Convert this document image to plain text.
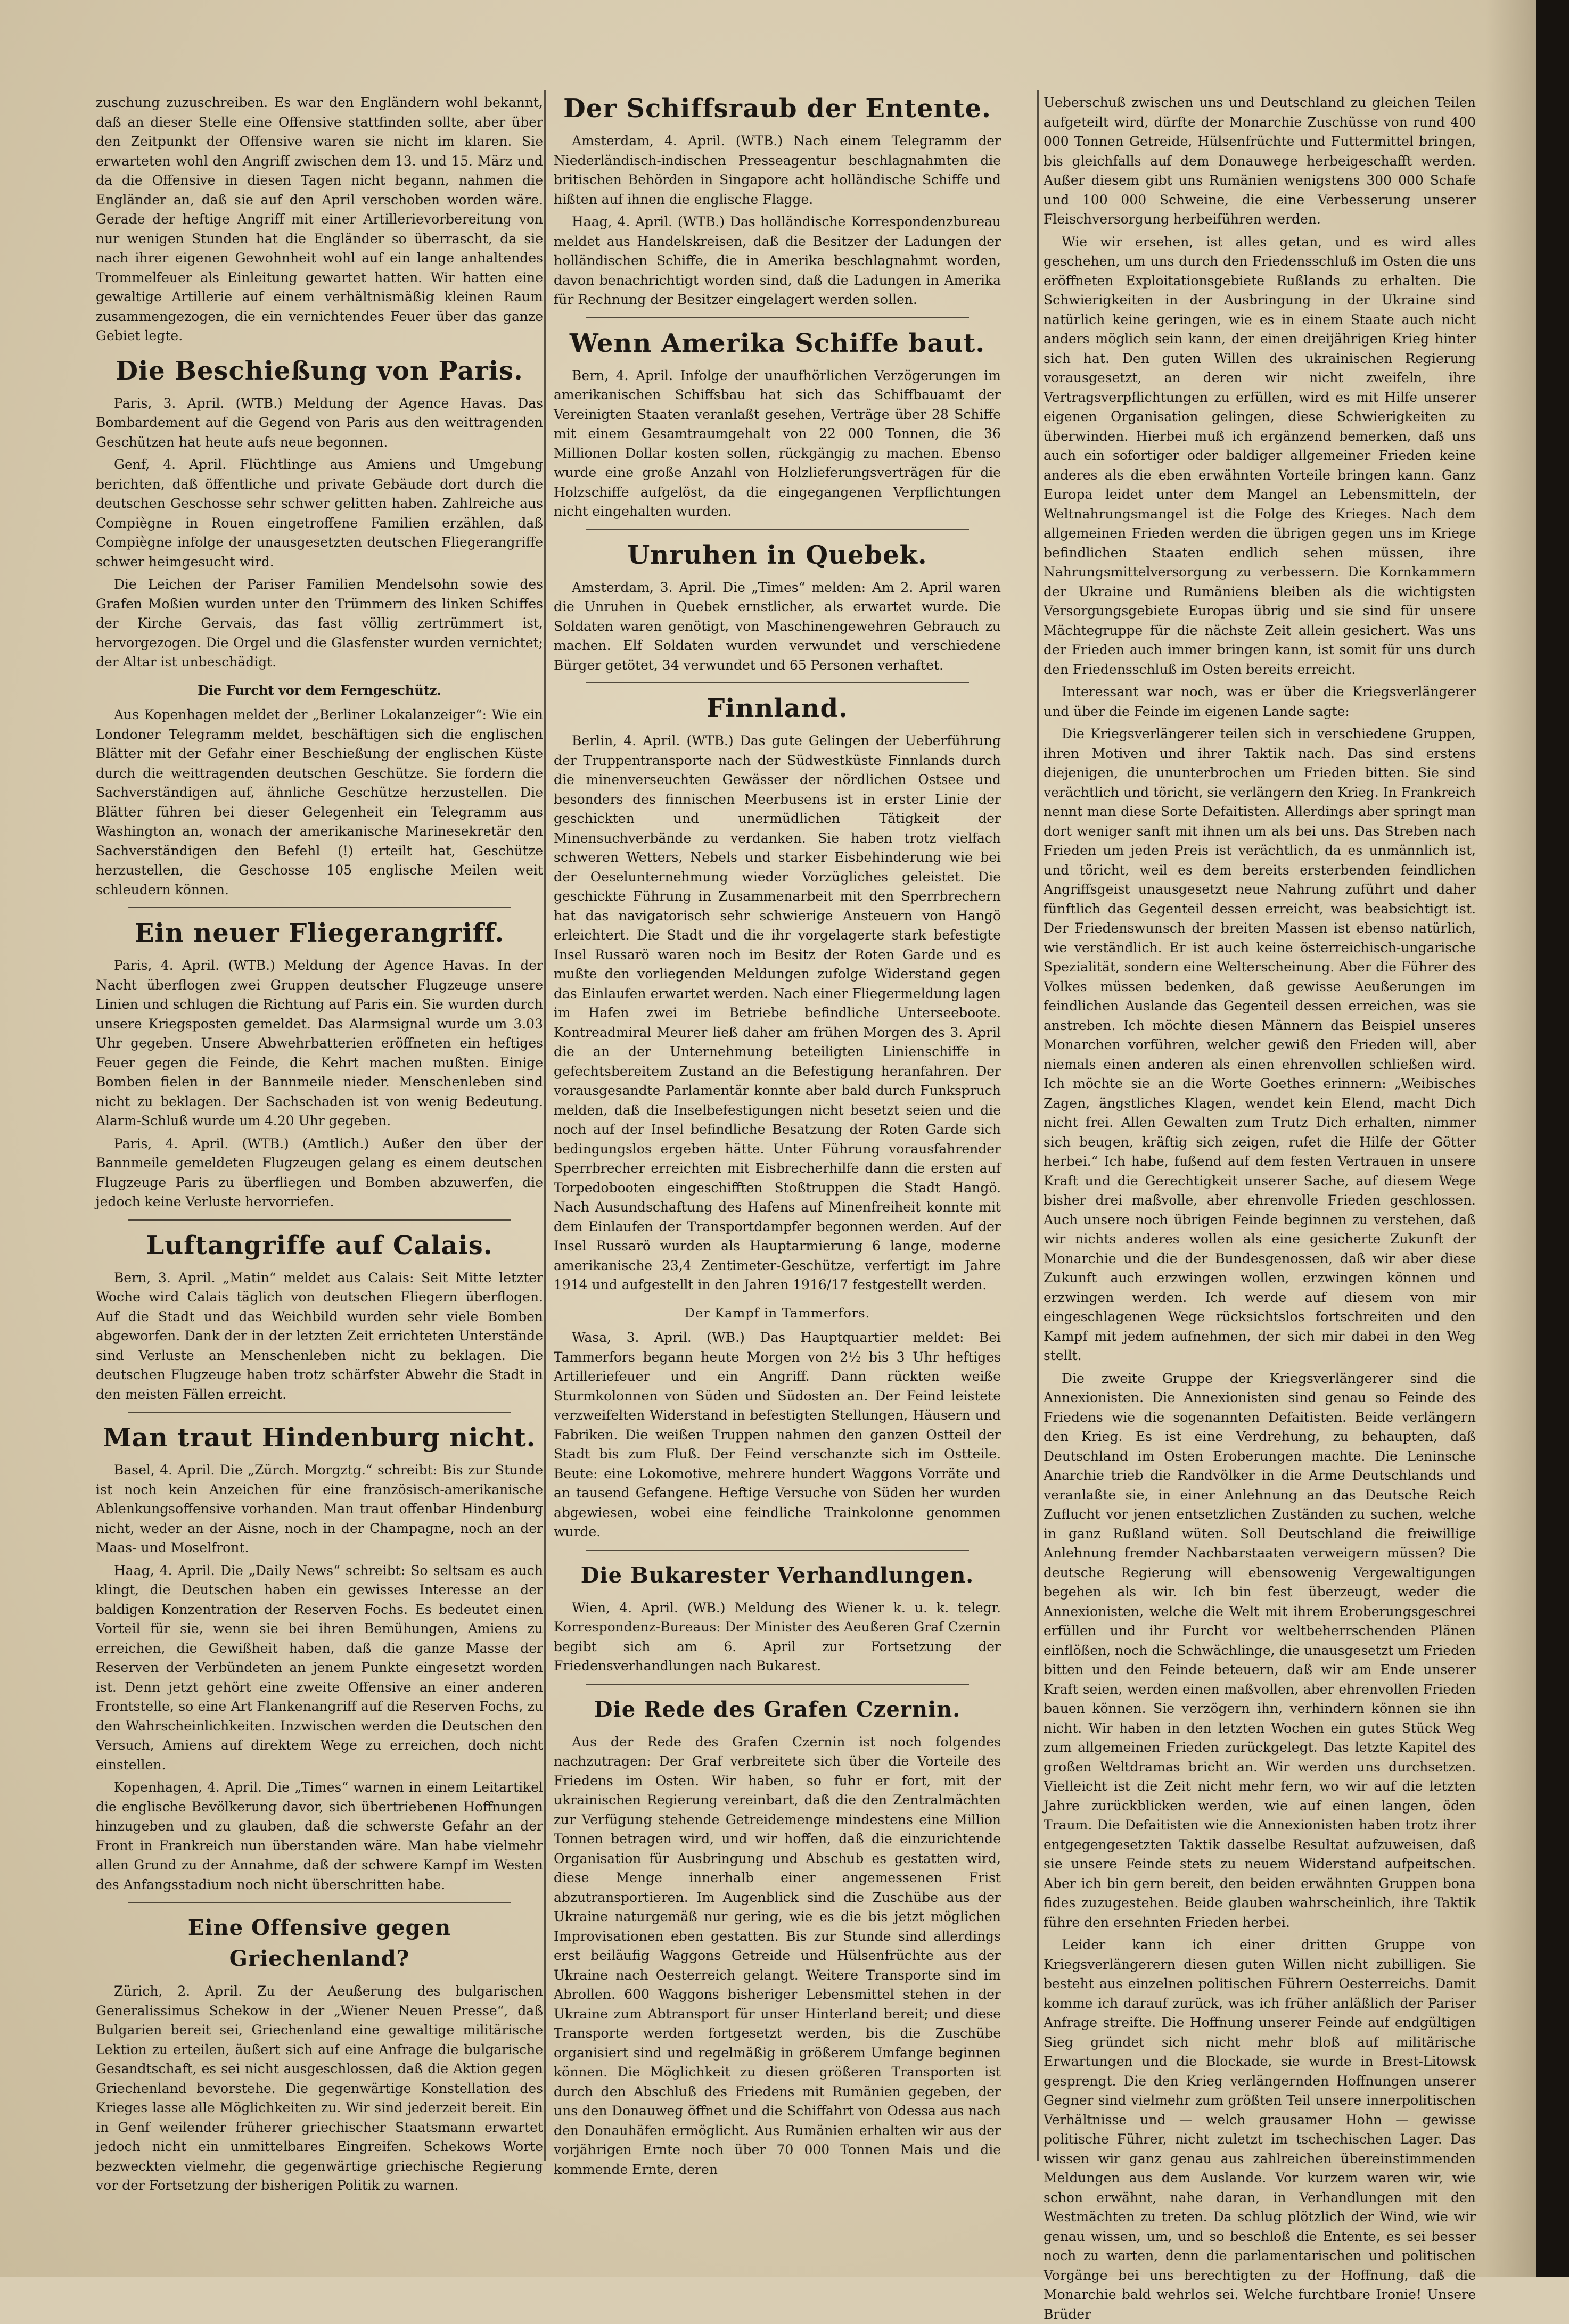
zuschung zuzuschreiben. Es war den Engländern wohl bekannt, daß an dieser Stelle eine Offensive stattfinden sollte, aber über den Zeitpunkt der Offensive waren sie nicht im klaren. Sie erwarteten wohl den Angriff zwischen dem 13. und 15. März und da die Offensive in diesen Tagen nicht begann, nahmen die Engländer an, daß sie auf den April verschoben worden wäre. Gerade der heftige Angriff mit einer Artillerievorbereitung von nur wenigen Stunden hat die Engländer so überrascht, da sie nach ihrer eigenen Gewohnheit wohl auf ein lange anhaltendes Trommelfeuer als Einleitung gewartet hatten. Wir hatten eine gewaltige Artillerie auf einem verhältnismäßig kleinen Raum zusammengezogen, die ein vernichtendes Feuer über das ganze Gebiet legte.

Die Beschießung von Paris.

Paris, 3. April. (WTB.) Meldung der Agence Havas. Das Bombardement auf die Gegend von Paris aus den weittragenden Geschützen hat heute aufs neue begonnen.

Genf, 4. April. Flüchtlinge aus Amiens und Umgebung berichten, daß öffentliche und private Gebäude dort durch die deutschen Geschosse sehr schwer gelitten haben. Zahlreiche aus Compiègne in Rouen eingetroffene Familien erzählen, daß Compiègne infolge der unausgesetzten deutschen Fliegerangriffe schwer heimgesucht wird.

Die Leichen der Pariser Familien Mendelsohn sowie des Grafen Moßien wurden unter den Trümmern des linken Schiffes der Kirche Gervais, das fast völlig zertrümmert ist, hervorgezogen. Die Orgel und die Glasfenster wurden vernichtet; der Altar ist unbeschädigt.

Die Furcht vor dem Ferngeschütz.

Aus Kopenhagen meldet der „Berliner Lokalanzeiger“: Wie ein Londoner Telegramm meldet, beschäftigen sich die englischen Blätter mit der Gefahr einer Beschießung der englischen Küste durch die weittragenden deutschen Geschütze. Sie fordern die Sachverständigen auf, ähnliche Geschütze herzustellen. Die Blätter führen bei dieser Gelegenheit ein Telegramm aus Washington an, wonach der amerikanische Marinesekretär den Sachverständigen den Befehl (!) erteilt hat, Geschütze herzustellen, die Geschosse 105 englische Meilen weit schleudern können.

Ein neuer Fliegerangriff.

Paris, 4. April. (WTB.) Meldung der Agence Havas. In der Nacht überflogen zwei Gruppen deutscher Flugzeuge unsere Linien und schlugen die Richtung auf Paris ein. Sie wurden durch unsere Kriegsposten gemeldet. Das Alarmsignal wurde um 3.03 Uhr gegeben. Unsere Abwehrbatterien eröffneten ein heftiges Feuer gegen die Feinde, die Kehrt machen mußten. Einige Bomben fielen in der Bannmeile nieder. Menschenleben sind nicht zu beklagen. Der Sachschaden ist von wenig Bedeutung. Alarm-Schluß wurde um 4.20 Uhr gegeben.

Paris, 4. April. (WTB.) (Amtlich.) Außer den über der Bannmeile gemeldeten Flugzeugen gelang es einem deutschen Flugzeuge Paris zu überfliegen und Bomben abzuwerfen, die jedoch keine Verluste hervorriefen.

Luftangriffe auf Calais.

Bern, 3. April. „Matin“ meldet aus Calais: Seit Mitte letzter Woche wird Calais täglich von deutschen Fliegern überflogen. Auf die Stadt und das Weichbild wurden sehr viele Bomben abgeworfen. Dank der in der letzten Zeit errichteten Unterstände sind Verluste an Menschenleben nicht zu beklagen. Die deutschen Flugzeuge haben trotz schärfster Abwehr die Stadt in den meisten Fällen erreicht.

Man traut Hindenburg nicht.

Basel, 4. April. Die „Zürch. Morgztg.“ schreibt: Bis zur Stunde ist noch kein Anzeichen für eine französisch-amerikanische Ablenkungsoffensive vorhanden. Man traut offenbar Hindenburg nicht, weder an der Aisne, noch in der Champagne, noch an der Maas- und Moselfront.

Haag, 4. April. Die „Daily News“ schreibt: So seltsam es auch klingt, die Deutschen haben ein gewisses Interesse an der baldigen Konzentration der Reserven Fochs. Es bedeutet einen Vorteil für sie, wenn sie bei ihren Bemühungen, Amiens zu erreichen, die Gewißheit haben, daß die ganze Masse der Reserven der Verbündeten an jenem Punkte eingesetzt worden ist. Denn jetzt gehört eine zweite Offensive an einer anderen Frontstelle, so eine Art Flankenangriff auf die Reserven Fochs, zu den Wahrscheinlichkeiten. Inzwischen werden die Deutschen den Versuch, Amiens auf direktem Wege zu erreichen, doch nicht einstellen.

Kopenhagen, 4. April. Die „Times“ warnen in einem Leitartikel die englische Bevölkerung davor, sich übertriebenen Hoffnungen hinzugeben und zu glauben, daß die schwerste Gefahr an der Front in Frankreich nun überstanden wäre. Man habe vielmehr allen Grund zu der Annahme, daß der schwere Kampf im Westen des Anfangsstadium noch nicht überschritten habe.

Eine Offensive gegen Griechenland?

Zürich, 2. April. Zu der Aeußerung des bulgarischen Generalissimus Schekow in der „Wiener Neuen Presse“, daß Bulgarien bereit sei, Griechenland eine gewaltige militärische Lektion zu erteilen, äußert sich auf eine Anfrage die bulgarische Gesandtschaft, es sei nicht ausgeschlossen, daß die Aktion gegen Griechenland bevorstehe. Die gegenwärtige Konstellation des Krieges lasse alle Möglichkeiten zu. Wir sind jederzeit bereit. Ein in Genf weilender früherer griechischer Staatsmann erwartet jedoch nicht ein unmittelbares Eingreifen. Schekows Worte bezweckten vielmehr, die gegenwärtige griechische Regierung vor der Fortsetzung der bisherigen Politik zu warnen.

Der Schiffsraub der Entente.

Amsterdam, 4. April. (WTB.) Nach einem Telegramm der Niederländisch-indischen Presseagentur beschlagnahmten die britischen Behörden in Singapore acht holländische Schiffe und hißten auf ihnen die englische Flagge.

Haag, 4. April. (WTB.) Das holländische Korrespondenzbureau meldet aus Handelskreisen, daß die Besitzer der Ladungen der holländischen Schiffe, die in Amerika beschlagnahmt worden, davon benachrichtigt worden sind, daß die Ladungen in Amerika für Rechnung der Besitzer eingelagert werden sollen.

Wenn Amerika Schiffe baut.

Bern, 4. April. Infolge der unaufhörlichen Verzögerungen im amerikanischen Schiffsbau hat sich das Schiffbauamt der Vereinigten Staaten veranlaßt gesehen, Verträge über 28 Schiffe mit einem Gesamtraumgehalt von 22 000 Tonnen, die 36 Millionen Dollar kosten sollen, rückgängig zu machen. Ebenso wurde eine große Anzahl von Holzlieferungsverträgen für die Holzschiffe aufgelöst, da die eingegangenen Verpflichtungen nicht eingehalten wurden.

Unruhen in Quebek.

Amsterdam, 3. April. Die „Times“ melden: Am 2. April waren die Unruhen in Quebek ernstlicher, als erwartet wurde. Die Soldaten waren genötigt, von Maschinengewehren Gebrauch zu machen. Elf Soldaten wurden verwundet und verschiedene Bürger getötet, 34 verwundet und 65 Personen verhaftet.

Finnland.

Berlin, 4. April. (WTB.) Das gute Gelingen der Ueberführung der Truppentransporte nach der Südwestküste Finnlands durch die minenverseuchten Gewässer der nördlichen Ostsee und besonders des finnischen Meerbusens ist in erster Linie der geschickten und unermüdlichen Tätigkeit der Minensuchverbände zu verdanken. Sie haben trotz vielfach schweren Wetters, Nebels und starker Eisbehinderung wie bei der Oeselunternehmung wieder Vorzügliches geleistet. Die geschickte Führung in Zusammenarbeit mit den Sperrbrechern hat das navigatorisch sehr schwierige Ansteuern von Hangö erleichtert. Die Stadt und die ihr vorgelagerte stark befestigte Insel Russarö waren noch im Besitz der Roten Garde und es mußte den vorliegenden Meldungen zufolge Widerstand gegen das Einlaufen erwartet werden. Nach einer Fliegermeldung lagen im Hafen zwei im Betriebe befindliche Unterseeboote. Kontreadmiral Meurer ließ daher am frühen Morgen des 3. April die an der Unternehmung beteiligten Linienschiffe in gefechtsbereitem Zustand an die Befestigung heranfahren. Der vorausgesandte Parlamentär konnte aber bald durch Funkspruch melden, daß die Inselbefestigungen nicht besetzt seien und die noch auf der Insel befindliche Besatzung der Roten Garde sich bedingungslos ergeben hätte. Unter Führung vorausfahrender Sperrbrecher erreichten mit Eisbrecherhilfe dann die ersten auf Torpedobooten eingeschifften Stoßtruppen die Stadt Hangö. Nach Ausundschaftung des Hafens auf Minenfreiheit konnte mit dem Einlaufen der Transportdampfer begonnen werden. Auf der Insel Russarö wurden als Hauptarmierung 6 lange, moderne amerikanische 23,4 Zentimeter-Geschütze, verfertigt im Jahre 1914 und aufgestellt in den Jahren 1916/17 festgestellt werden.

Der Kampf in Tammerfors.

Wasa, 3. April. (WB.) Das Hauptquartier meldet: Bei Tammerfors begann heute Morgen von 2½ bis 3 Uhr heftiges Artilleriefeuer und ein Angriff. Dann rückten weiße Sturmkolonnen von Süden und Südosten an. Der Feind leistete verzweifelten Widerstand in befestigten Stellungen, Häusern und Fabriken. Die weißen Truppen nahmen den ganzen Ostteil der Stadt bis zum Fluß. Der Feind verschanzte sich im Ostteile. Beute: eine Lokomotive, mehrere hundert Waggons Vorräte und an tausend Gefangene. Heftige Versuche von Süden her wurden abgewiesen, wobei eine feindliche Trainkolonne genommen wurde.

Die Bukarester Verhandlungen.

Wien, 4. April. (WB.) Meldung des Wiener k. u. k. telegr. Korrespondenz-Bureaus: Der Minister des Aeußeren Graf Czernin begibt sich am 6. April zur Fortsetzung der Friedensverhandlungen nach Bukarest.

Die Rede des Grafen Czernin.

Aus der Rede des Grafen Czernin ist noch folgendes nachzutragen: Der Graf verbreitete sich über die Vorteile des Friedens im Osten. Wir haben, so fuhr er fort, mit der ukrainischen Regierung vereinbart, daß die den Zentralmächten zur Verfügung stehende Getreidemenge mindestens eine Million Tonnen betragen wird, und wir hoffen, daß die einzurichtende Organisation für Ausbringung und Abschub es gestatten wird, diese Menge innerhalb einer angemessenen Frist abzutransportieren. Im Augenblick sind die Zuschübe aus der Ukraine naturgemäß nur gering, wie es die bis jetzt möglichen Improvisationen eben gestatten. Bis zur Stunde sind allerdings erst beiläufig Waggons Getreide und Hülsenfrüchte aus der Ukraine nach Oesterreich gelangt. Weitere Transporte sind im Abrollen. 600 Waggons bisheriger Lebensmittel stehen in der Ukraine zum Abtransport für unser Hinterland bereit; und diese Transporte werden fortgesetzt werden, bis die Zuschübe organisiert sind und regelmäßig in größerem Umfange beginnen können. Die Möglichkeit zu diesen größeren Transporten ist durch den Abschluß des Friedens mit Rumänien gegeben, der uns den Donauweg öffnet und die Schiffahrt von Odessa aus nach den Donauhäfen ermöglicht. Aus Rumänien erhalten wir aus der vorjährigen Ernte noch über 70 000 Tonnen Mais und die kommende Ernte, deren

Ueberschuß zwischen uns und Deutschland zu gleichen Teilen aufgeteilt wird, dürfte der Monarchie Zuschüsse von rund 400 000 Tonnen Getreide, Hülsenfrüchte und Futtermittel bringen, bis gleichfalls auf dem Donauwege herbeigeschafft werden. Außer diesem gibt uns Rumänien wenigstens 300 000 Schafe und 100 000 Schweine, die eine Verbesserung unserer Fleischversorgung herbeiführen werden.

Wie wir ersehen, ist alles getan, und es wird alles geschehen, um uns durch den Friedensschluß im Osten die uns eröffneten Exploitationsgebiete Rußlands zu erhalten. Die Schwierigkeiten in der Ausbringung in der Ukraine sind natürlich keine geringen, wie es in einem Staate auch nicht anders möglich sein kann, der einen dreijährigen Krieg hinter sich hat. Den guten Willen des ukrainischen Regierung vorausgesetzt, an deren wir nicht zweifeln, ihre Vertragsverpflichtungen zu erfüllen, wird es mit Hilfe unserer eigenen Organisation gelingen, diese Schwierigkeiten zu überwinden. Hierbei muß ich ergänzend bemerken, daß uns auch ein sofortiger oder baldiger allgemeiner Frieden keine anderes als die eben erwähnten Vorteile bringen kann. Ganz Europa leidet unter dem Mangel an Lebensmitteln, der Weltnahrungsmangel ist die Folge des Krieges. Nach dem allgemeinen Frieden werden die übrigen gegen uns im Kriege befindlichen Staaten endlich sehen müssen, ihre Nahrungsmittelversorgung zu verbessern. Die Kornkammern der Ukraine und Rumäniens bleiben als die wichtigsten Versorgungsgebiete Europas übrig und sie sind für unsere Mächtegruppe für die nächste Zeit allein gesichert. Was uns der Frieden auch immer bringen kann, ist somit für uns durch den Friedensschluß im Osten bereits erreicht.

Interessant war noch, was er über die Kriegsverlängerer und über die Feinde im eigenen Lande sagte:

Die Kriegsverlängerer teilen sich in verschiedene Gruppen, ihren Motiven und ihrer Taktik nach. Das sind erstens diejenigen, die ununterbrochen um Frieden bitten. Sie sind verächtlich und töricht, sie verlängern den Krieg. In Frankreich nennt man diese Sorte Defaitisten. Allerdings aber springt man dort weniger sanft mit ihnen um als bei uns. Das Streben nach Frieden um jeden Preis ist verächtlich, da es unmännlich ist, und töricht, weil es dem bereits ersterbenden feindlichen Angriffsgeist unausgesetzt neue Nahrung zuführt und daher fünftlich das Gegenteil dessen erreicht, was beabsichtigt ist. Der Friedenswunsch der breiten Massen ist ebenso natürlich, wie verständlich. Er ist auch keine österreichisch-ungarische Spezialität, sondern eine Welterscheinung. Aber die Führer des Volkes müssen bedenken, daß gewisse Aeußerungen im feindlichen Auslande das Gegenteil dessen erreichen, was sie anstreben. Ich möchte diesen Männern das Beispiel unseres Monarchen vorführen, welcher gewiß den Frieden will, aber niemals einen anderen als einen ehrenvollen schließen wird. Ich möchte sie an die Worte Goethes erinnern: „Weibisches Zagen, ängstliches Klagen, wendet kein Elend, macht Dich nicht frei. Allen Gewalten zum Trutz Dich erhalten, nimmer sich beugen, kräftig sich zeigen, rufet die Hilfe der Götter herbei.“ Ich habe, fußend auf dem festen Vertrauen in unsere Kraft und die Gerechtigkeit unserer Sache, auf diesem Wege bisher drei maßvolle, aber ehrenvolle Frieden geschlossen. Auch unsere noch übrigen Feinde beginnen zu verstehen, daß wir nichts anderes wollen als eine gesicherte Zukunft der Monarchie und die der Bundesgenossen, daß wir aber diese Zukunft auch erzwingen wollen, erzwingen können und erzwingen werden. Ich werde auf diesem von mir eingeschlagenen Wege rücksichtslos fortschreiten und den Kampf mit jedem aufnehmen, der sich mir dabei in den Weg stellt.

Die zweite Gruppe der Kriegsverlängerer sind die Annexionisten. Die Annexionisten sind genau so Feinde des Friedens wie die sogenannten Defaitisten. Beide verlängern den Krieg. Es ist eine Verdrehung, zu behaupten, daß Deutschland im Osten Eroberungen machte. Die Leninsche Anarchie trieb die Randvölker in die Arme Deutschlands und veranlaßte sie, in einer Anlehnung an das Deutsche Reich Zuflucht vor jenen entsetzlichen Zuständen zu suchen, welche in ganz Rußland wüten. Soll Deutschland die freiwillige Anlehnung fremder Nachbarstaaten verweigern müssen? Die deutsche Regierung will ebensowenig Vergewaltigungen begehen als wir. Ich bin fest überzeugt, weder die Annexionisten, welche die Welt mit ihrem Eroberungsgeschrei erfüllen und ihr Furcht vor weltbeherrschenden Plänen einflößen, noch die Schwächlinge, die unausgesetzt um Frieden bitten und den Feinde beteuern, daß wir am Ende unserer Kraft seien, werden einen maßvollen, aber ehrenvollen Frieden bauen können. Sie verzögern ihn, verhindern können sie ihn nicht. Wir haben in den letzten Wochen ein gutes Stück Weg zum allgemeinen Frieden zurückgelegt. Das letzte Kapitel des großen Weltdramas bricht an. Wir werden uns durchsetzen. Vielleicht ist die Zeit nicht mehr fern, wo wir auf die letzten Jahre zurückblicken werden, wie auf einen langen, öden Traum. Die Defaitisten wie die Annexionisten haben trotz ihrer entgegengesetzten Taktik dasselbe Resultat aufzuweisen, daß sie unsere Feinde stets zu neuem Widerstand aufpeitschen. Aber ich bin gern bereit, den beiden erwähnten Gruppen bona fides zuzugestehen. Beide glauben wahrscheinlich, ihre Taktik führe den ersehnten Frieden herbei.

Leider kann ich einer dritten Gruppe von Kriegsverlängerern diesen guten Willen nicht zubilligen. Sie besteht aus einzelnen politischen Führern Oesterreichs. Damit komme ich darauf zurück, was ich früher anläßlich der Pariser Anfrage streifte. Die Hoffnung unserer Feinde auf endgültigen Sieg gründet sich nicht mehr bloß auf militärische Erwartungen und die Blockade, sie wurde in Brest-Litowsk gesprengt. Die den Krieg verlängernden Hoffnungen unserer Gegner sind vielmehr zum größten Teil unsere innerpolitischen Verhältnisse und — welch grausamer Hohn — gewisse politische Führer, nicht zuletzt im tschechischen Lager. Das wissen wir ganz genau aus zahlreichen übereinstimmenden Meldungen aus dem Auslande. Vor kurzem waren wir, wie schon erwähnt, nahe daran, in Verhandlungen mit den Westmächten zu treten. Da schlug plötzlich der Wind, wie wir genau wissen, um, und so beschloß die Entente, es sei besser noch zu warten, denn die parlamentarischen und politischen Vorgänge bei uns berechtigten zu der Hoffnung, daß die Monarchie bald wehrlos sei. Welche furchtbare Ironie! Unsere Brüder
